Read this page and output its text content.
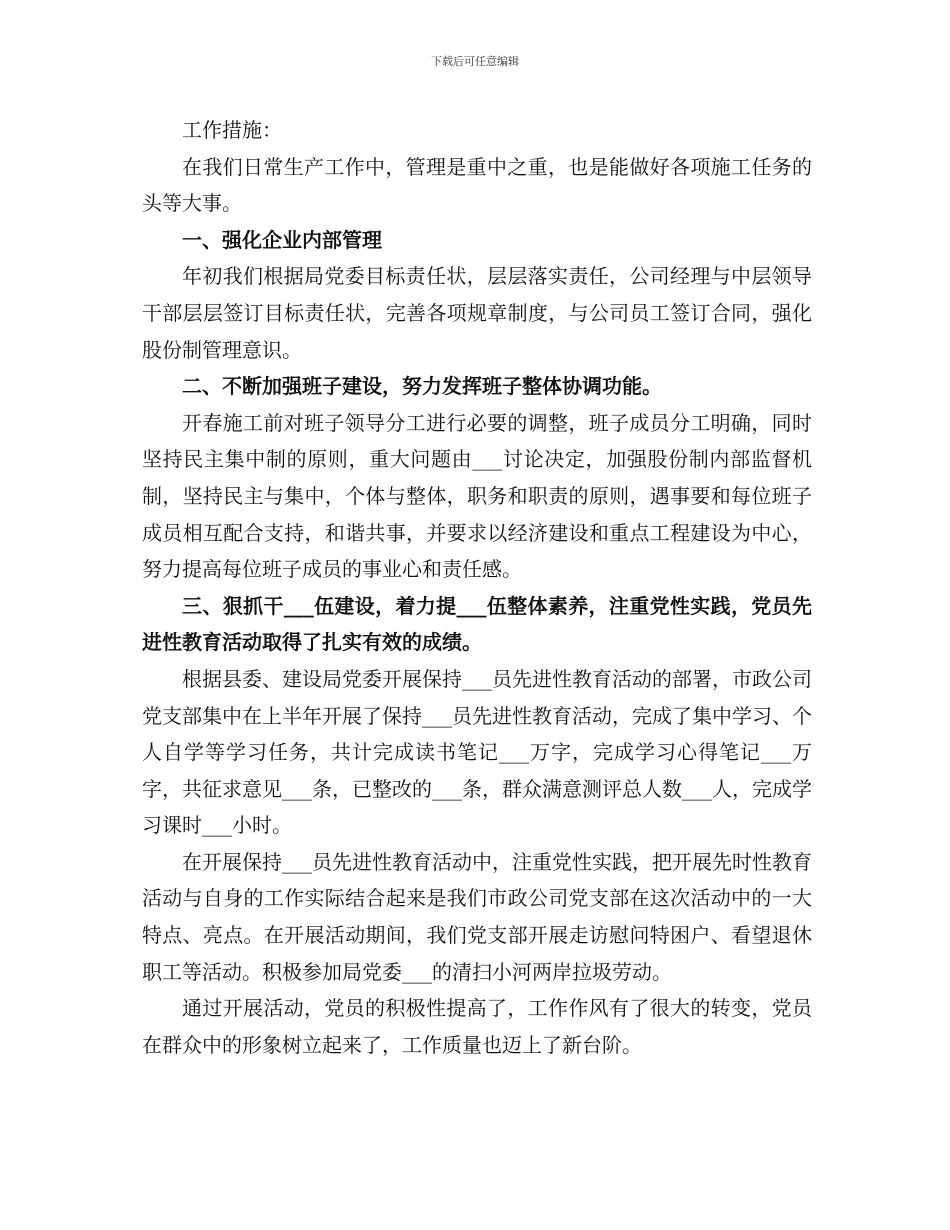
下载后可任意编辑

工作措施：

在我们日常生产工作中，管理是重中之重，也是能做好各项施工任务的头等大事。

一、强化企业内部管理

年初我们根据局党委目标责任状，层层落实责任，公司经理与中层领导干部层层签订目标责任状，完善各项规章制度，与公司员工签订合同，强化股份制管理意识。

二、不断加强班子建设，努力发挥班子整体协调功能。

开春施工前对班子领导分工进行必要的调整，班子成员分工明确，同时坚持民主集中制的原则，重大问题由___讨论决定，加强股份制内部监督机制，坚持民主与集中，个体与整体，职务和职责的原则，遇事要和每位班子成员相互配合支持，和谐共事，并要求以经济建设和重点工程建设为中心，努力提高每位班子成员的事业心和责任感。

三、狠抓干___伍建设，着力提___伍整体素养，注重党性实践，党员先进性教育活动取得了扎实有效的成绩。

根据县委、建设局党委开展保持___员先进性教育活动的部署，市政公司党支部集中在上半年开展了保持___员先进性教育活动，完成了集中学习、个人自学等学习任务，共计完成读书笔记___万字，完成学习心得笔记___万字，共征求意见___条，已整改的___条，群众满意测评总人数___人，完成学习课时___小时。

在开展保持___员先进性教育活动中，注重党性实践，把开展先时性教育活动与自身的工作实际结合起来是我们市政公司党支部在这次活动中的一大特点、亮点。在开展活动期间，我们党支部开展走访慰问特困户、看望退休职工等活动。积极参加局党委___的清扫小河两岸拉圾劳动。

通过开展活动，党员的积极性提高了，工作作风有了很大的转变，党员在群众中的形象树立起来了，工作质量也迈上了新台阶。
